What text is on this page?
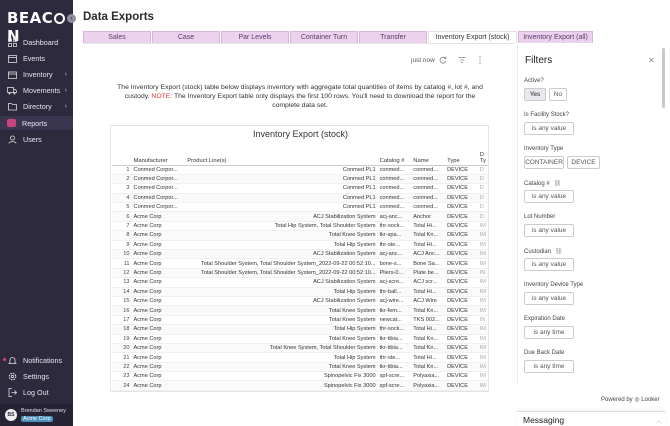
BEACN
‹
Dashboard
Events
Inventory ›
Movements ›
Directory ›
Reports
Users
Notifications
Settings
Log Out
BS
Brendan Sweeney
Acme Corp
Data Exports
Sales	Case	Par Levels	Container Turn	Transfer	Inventory Export (stock)	Inventory Export (all)
just now
The Inventory Export (stock) table below displays inventory with aggregate total quantities of items by catalog #, lot #, and custody. NOTE: The Inventory Export table only displays the first 100 rows. You'll need to download the report for the complete data set.
Inventory Export (stock)
	Manufacturer	Product Line(s)	Catalog #	Name	Type	D Ty
1	Conmed Corpor...	Conmed PL1	conmed...	conmed...	DEVICE	D
2	Conmed Corpor...	Conmed PL1	conmed...	conmed...	DEVICE	D
3	Conmed Corpor...	Conmed PL1	conmed...	conmed...	DEVICE	D
4	Conmed Corpor...	Conmed PL1	conmed...	conmed...	DEVICE	D
5	Conmed Corpor...	Conmed PL1	conmed...	conmed...	DEVICE	D
6	Acme Corp	ACJ Stabilization System	acj-anc...	Anchor	DEVICE	D
7	Acme Corp	Total Hip System, Total Shoulder System	thr-sock...	Total Hi...	DEVICE	IM
8	Acme Corp	Total Knee System	tkr-spa...	Total Kn...	DEVICE	IM
9	Acme Corp	Total Hip System	thr-ste...	Total Hi...	DEVICE	IM
10	Acme Corp	ACJ Stabilization System	acj-anc...	ACJ Anc...	DEVICE	IM
11	Acme Corp	Total Shoulder System, Total Shoulder System_2022-09-22 00:52:10...	bone-s...	Bone Sa...	DEVICE	IM
12	Acme Corp	Total Shoulder System, Total Shoulder System_2022-09-22 00:52:10...	Pliers-0...	Plate be...	DEVICE	IN
13	Acme Corp	ACJ Stabilization System	acj-scre...	ACJ scr...	DEVICE	IM
14	Acme Corp	Total Hip System	thr-ball...	Total Hi...	DEVICE	IM
15	Acme Corp	ACJ Stabilization System	acj-wire...	ACJ Wire	DEVICE	IM
16	Acme Corp	Total Knee System	tkr-fem...	Total Kn...	DEVICE	IM
17	Acme Corp	Total Knee System	newcat...	TKS 002...	DEVICE	IN
18	Acme Corp	Total Hip System	thr-sock...	Total Hi...	DEVICE	IM
19	Acme Corp	Total Knee System	tkr-tibia...	Total Kn...	DEVICE	IM
20	Acme Corp	Total Knee System, Total Shoulder System	tkr-tibia...	Total Kn...	DEVICE	IM
21	Acme Corp	Total Hip System	thr-ste...	Total Hi...	DEVICE	IM
22	Acme Corp	Total Knee System	tkr-tibia...	Total Kn...	DEVICE	IM
23	Acme Corp	Spinopelvic Fix 3000	spf-scre...	Polyaxia...	DEVICE	IM
24	Acme Corp	Spinopelvic Fix 3000	spf-scre...	Polyaxia...	DEVICE	IM
Powered by ◎ Looker
Filters	✕
Active?
Yes	No
Is Facility Stock?
is any value
Inventory Type
CONTAINER	DEVICE
Catalog # ⛓
is any value
Lot Number
is any value
Custodian ⛓
is any value
Inventory Device Type
is any value
Expiration Date
is any time
Due Back Date
is any time
Messaging	︿
